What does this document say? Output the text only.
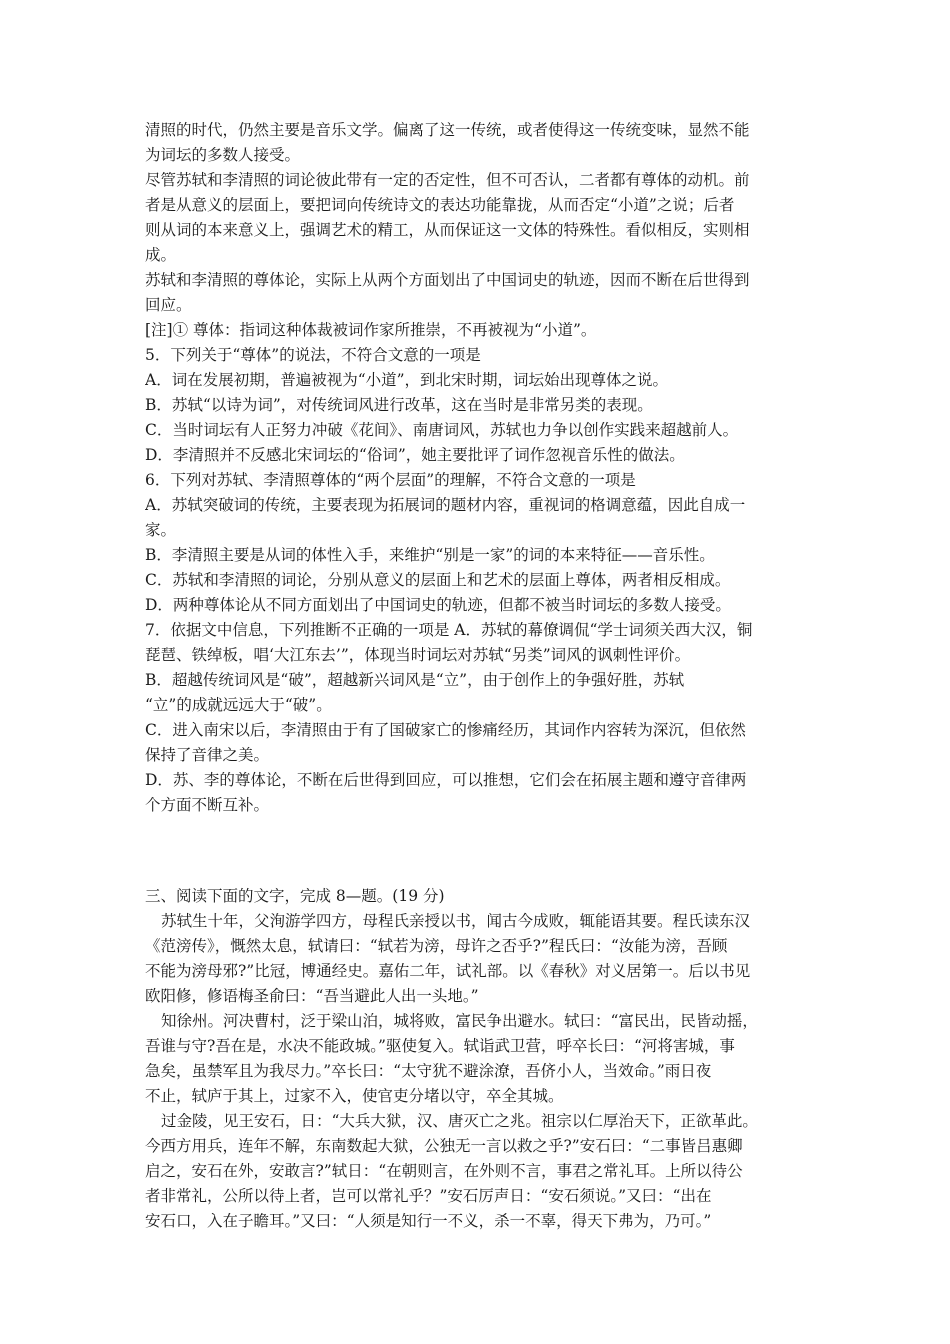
清照的时代，仍然主要是音乐文学。偏离了这一传统，或者使得这一传统变味，显然不能
为词坛的多数人接受。
尽管苏轼和李清照的词论彼此带有一定的否定性，但不可否认，二者都有尊体的动机。前
者是从意义的层面上，要把词向传统诗文的表达功能靠拢，从而否定“小道”之说；后者
则从词的本来意义上，强调艺术的精工，从而保证这一文体的特殊性。看似相反，实则相
成。
苏轼和李清照的尊体论，实际上从两个方面划出了中国词史的轨迹，因而不断在后世得到
回应。
[注]① 尊体：指词这种体裁被词作家所推崇，不再被视为“小道”。
5．下列关于“尊体”的说法，不符合文意的一项是
A．词在发展初期，普遍被视为“小道”，到北宋时期，词坛始出现尊体之说。
B．苏轼“以诗为词”，对传统词风进行改革，这在当时是非常另类的表现。
C．当时词坛有人正努力冲破《花间》、南唐词风，苏轼也力争以创作实践来超越前人。
D．李清照并不反感北宋词坛的“俗词”，她主要批评了词作忽视音乐性的做法。
6．下列对苏轼、李清照尊体的“两个层面”的理解，不符合文意的一项是
A．苏轼突破词的传统，主要表现为拓展词的题材内容，重视词的格调意蕴，因此自成一
家。
B．李清照主要是从词的体性入手，来维护“别是一家”的词的本来特征——音乐性。
C．苏轼和李清照的词论，分别从意义的层面上和艺术的层面上尊体，两者相反相成。
D．两种尊体论从不同方面划出了中国词史的轨迹，但都不被当时词坛的多数人接受。
7．依据文中信息，下列推断不正确的一项是 A．苏轼的幕僚调侃“学士词须关西大汉，铜
琵琶、铁绰板，唱‘大江东去’”，体现当时词坛对苏轼“另类”词风的讽刺性评价。
B．超越传统词风是“破”，超越新兴词风是“立”，由于创作上的争强好胜，苏轼
“立”的成就远远大于“破”。
C．进入南宋以后，李清照由于有了国破家亡的惨痛经历，其词作内容转为深沉，但依然
保持了音律之美。
D．苏、李的尊体论，不断在后世得到回应，可以推想，它们会在拓展主题和遵守音律两
个方面不断互补。
三、阅读下面的文字，完成 8—题。(19 分)
苏轼生十年，父洵游学四方，母程氏亲授以书，闻古今成败，辄能语其要。程氏读东汉
《范滂传》，慨然太息，轼请曰：“轼若为滂，母许之否乎?”程氏曰：“汝能为滂，吾顾
不能为滂母邪?”比冠，博通经史。嘉佑二年，试礼部。以《春秋》对义居第一。后以书见
欧阳修，修语梅圣俞曰：“吾当避此人出一头地。”
知徐州。河决曹村，泛于梁山泊，城将败，富民争出避水。轼曰：“富民出，民皆动摇，
吾谁与守?吾在是，水决不能政城。”驱使复入。轼诣武卫营，呼卒长曰：“河将害城，事
急矣，虽禁军且为我尽力。”卒长曰：“太守犹不避涂潦，吾侪小人，当效命。”雨日夜
不止，轼庐于其上，过家不入，使官吏分堵以守，卒全其城。
过金陵，见王安石，日：“大兵大狱，汉、唐灭亡之兆。祖宗以仁厚治天下，正欲革此。
今西方用兵，连年不解，东南数起大狱，公独无一言以救之乎?”安石曰：“二事皆吕惠卿
启之，安石在外，安敢言?”轼日：“在朝则言，在外则不言，事君之常礼耳。上所以待公
者非常礼，公所以待上者，岂可以常礼乎？”安石厉声日：“安石须说。”又曰：“出在
安石口，入在子瞻耳。”又曰：“人须是知行一不义，杀一不辜，得天下弗为，乃可。”
